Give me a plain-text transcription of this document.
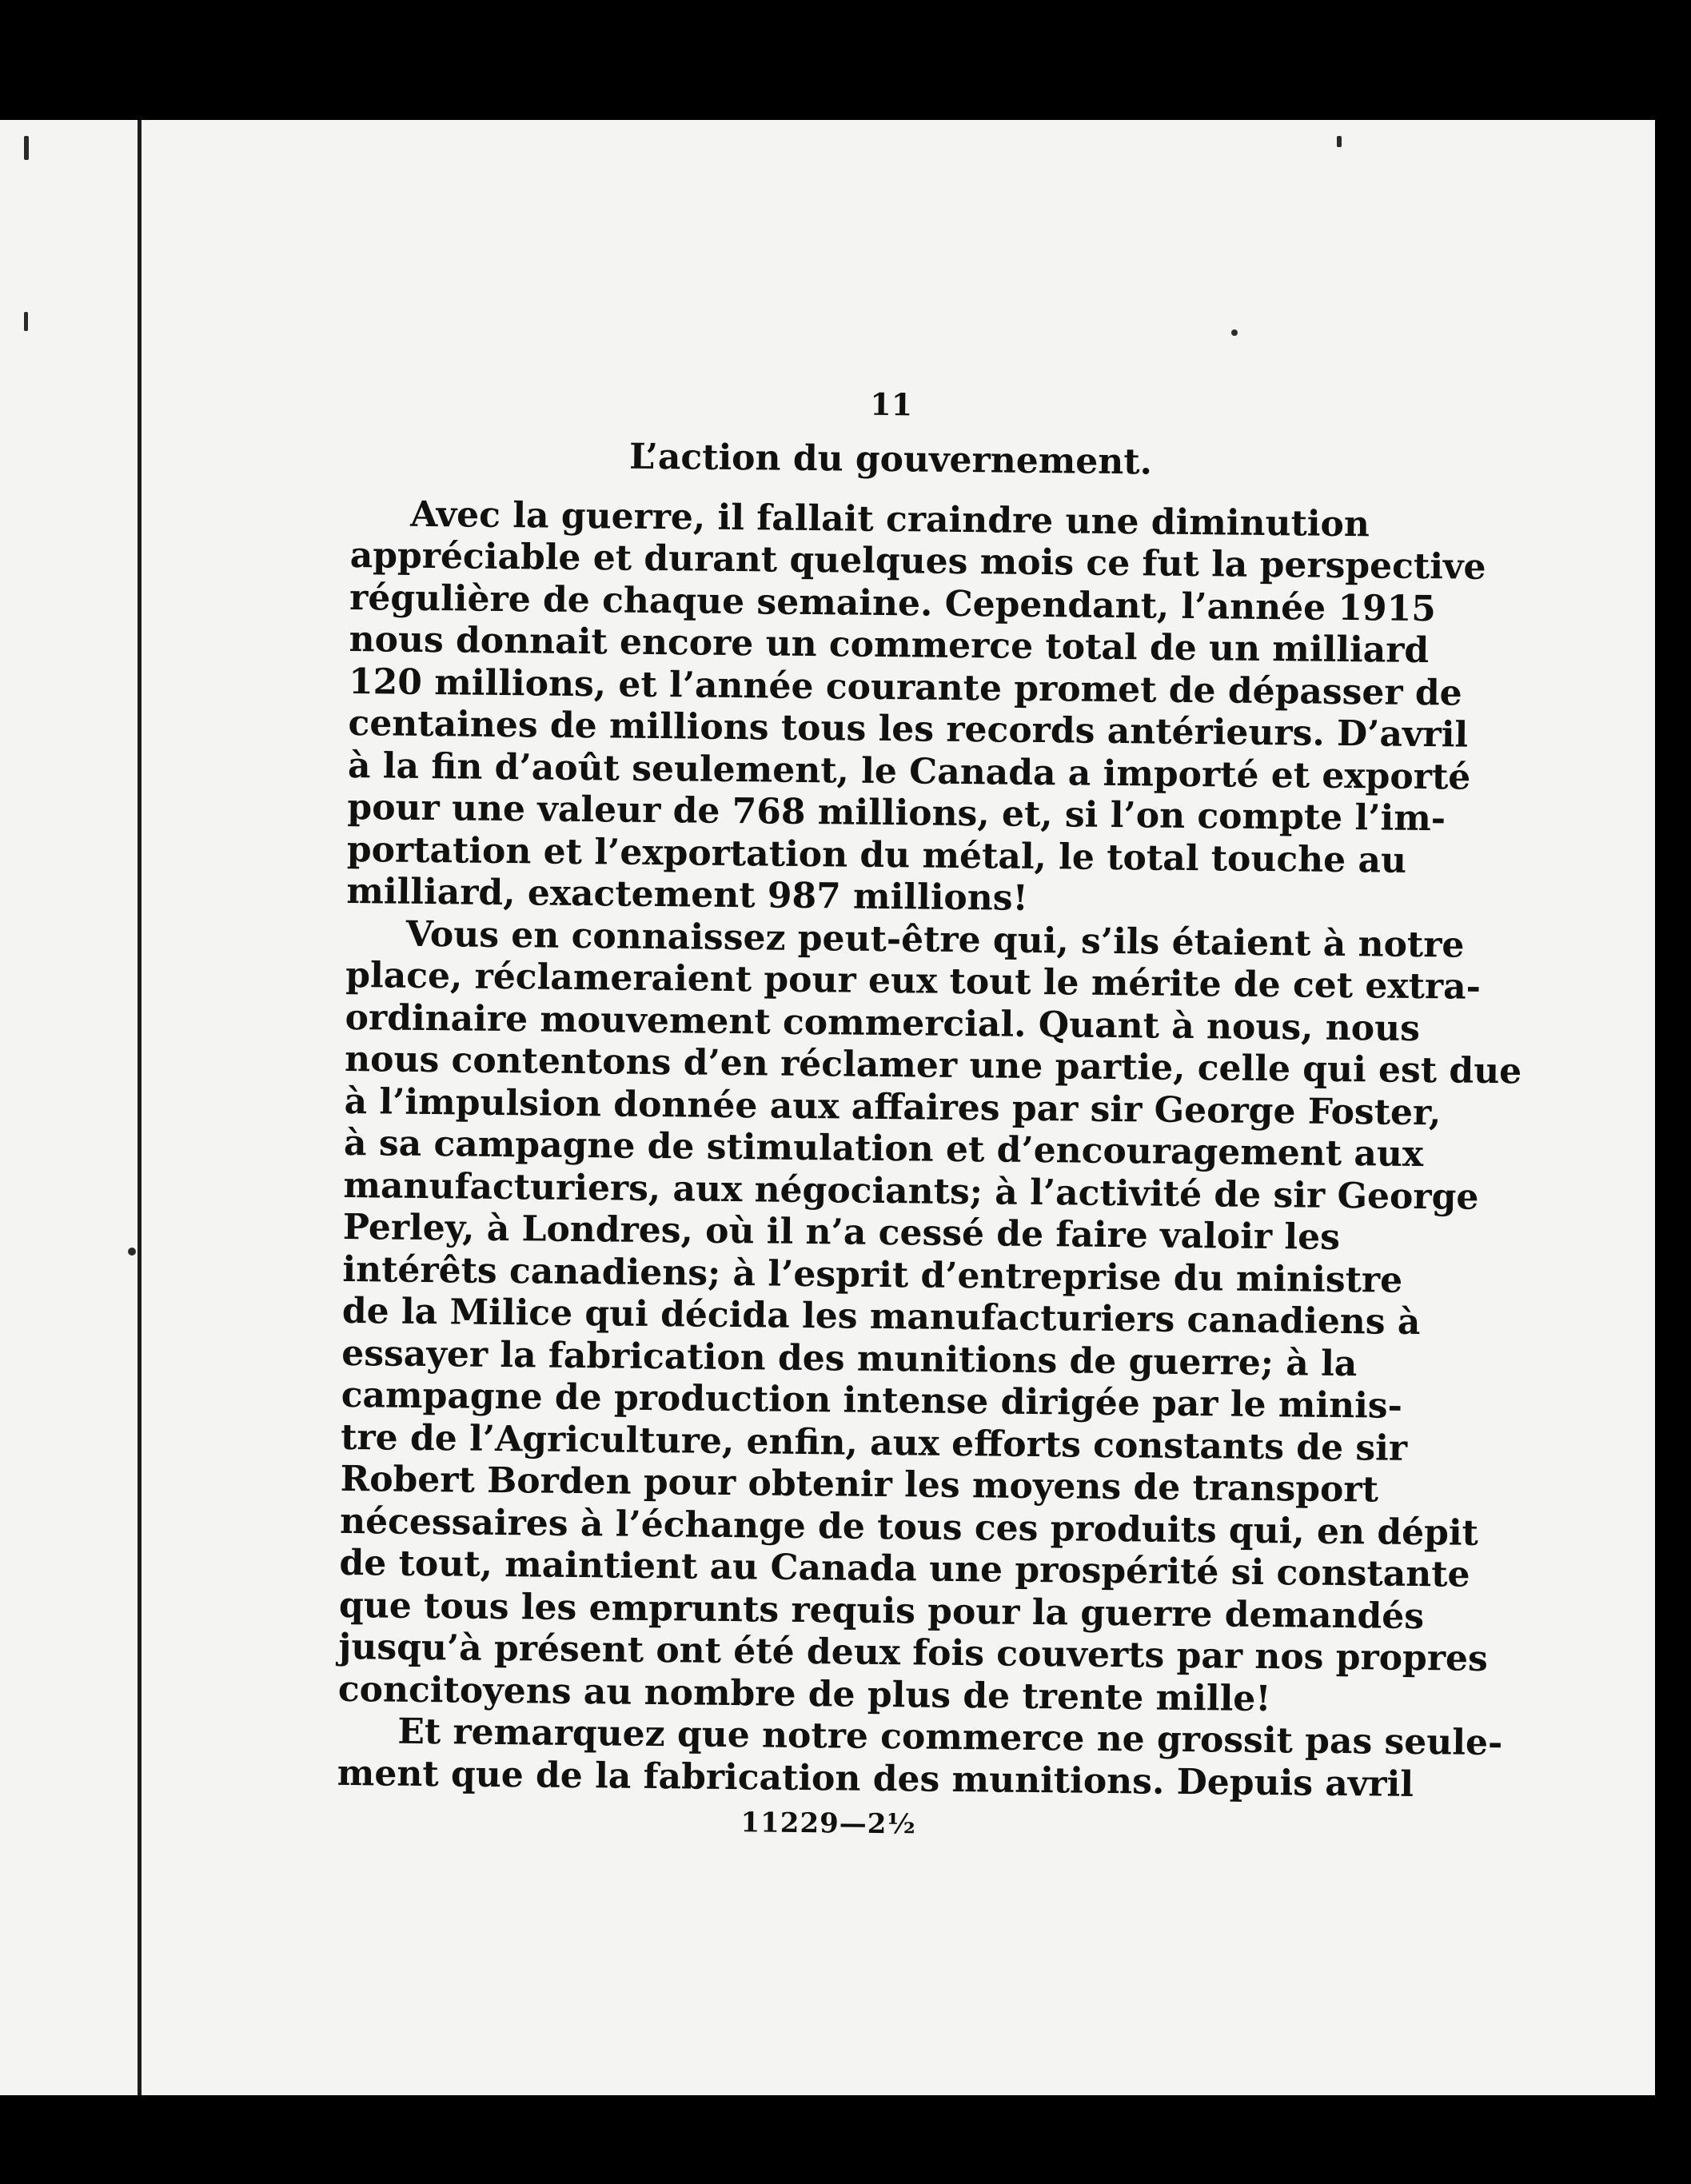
11
L’action du gouvernement.
Avec la guerre, il fallait craindre une diminution
appréciable et durant quelques mois ce fut la perspective
régulière de chaque semaine. Cependant, l’année 1915
nous donnait encore un commerce total de un milliard
120 millions, et l’année courante promet de dépasser de
centaines de millions tous les records antérieurs. D’avril
à la fin d’août seulement, le Canada a importé et exporté
pour une valeur de 768 millions, et, si l’on compte l’im-
portation et l’exportation du métal, le total touche au
milliard, exactement 987 millions!
Vous en connaissez peut-être qui, s’ils étaient à notre
place, réclameraient pour eux tout le mérite de cet extra-
ordinaire mouvement commercial. Quant à nous, nous
nous contentons d’en réclamer une partie, celle qui est due
à l’impulsion donnée aux affaires par sir George Foster,
à sa campagne de stimulation et d’encouragement aux
manufacturiers, aux négociants; à l’activité de sir George
Perley, à Londres, où il n’a cessé de faire valoir les
intérêts canadiens; à l’esprit d’entreprise du ministre
de la Milice qui décida les manufacturiers canadiens à
essayer la fabrication des munitions de guerre; à la
campagne de production intense dirigée par le minis-
tre de l’Agriculture, enfin, aux efforts constants de sir
Robert Borden pour obtenir les moyens de transport
nécessaires à l’échange de tous ces produits qui, en dépit
de tout, maintient au Canada une prospérité si constante
que tous les emprunts requis pour la guerre demandés
jusqu’à présent ont été deux fois couverts par nos propres
concitoyens au nombre de plus de trente mille!
Et remarquez que notre commerce ne grossit pas seule-
ment que de la fabrication des munitions. Depuis avril
11229—2½
